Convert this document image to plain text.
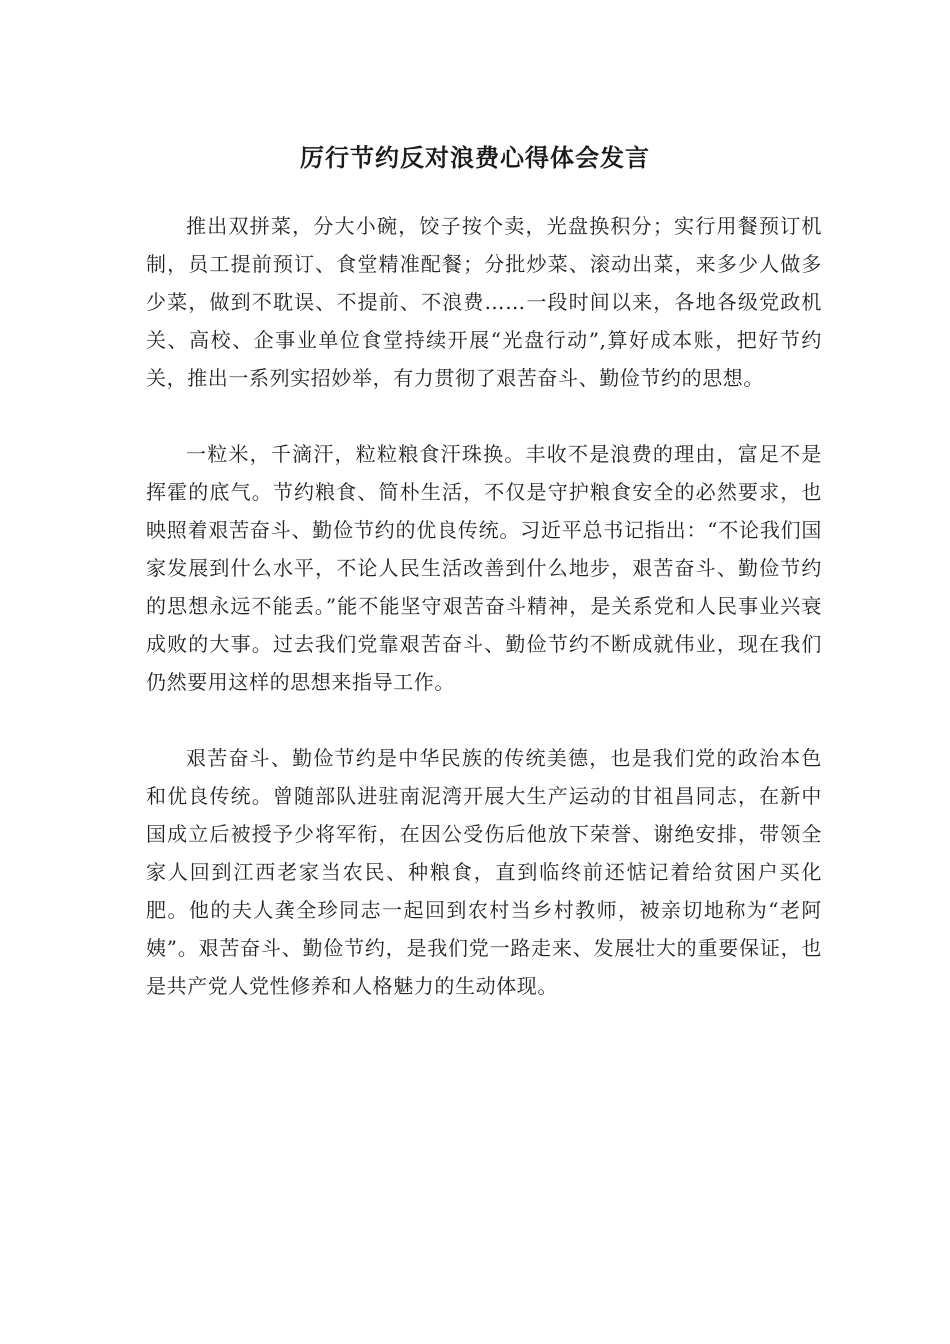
厉行节约反对浪费心得体会发言

推出双拼菜，分大小碗，饺子按个卖，光盘换积分；实行用餐预订机制，员工提前预订、食堂精准配餐；分批炒菜、滚动出菜，来多少人做多少菜，做到不耽误、不提前、不浪费……一段时间以来，各地各级党政机关、高校、企事业单位食堂持续开展“光盘行动”,算好成本账，把好节约关，推出一系列实招妙举，有力贯彻了艰苦奋斗、勤俭节约的思想。

一粒米，千滴汗，粒粒粮食汗珠换。丰收不是浪费的理由，富足不是挥霍的底气。节约粮食、简朴生活，不仅是守护粮食安全的必然要求，也映照着艰苦奋斗、勤俭节约的优良传统。习近平总书记指出：“不论我们国家发展到什么水平，不论人民生活改善到什么地步，艰苦奋斗、勤俭节约的思想永远不能丢。”能不能坚守艰苦奋斗精神，是关系党和人民事业兴衰成败的大事。过去我们党靠艰苦奋斗、勤俭节约不断成就伟业，现在我们仍然要用这样的思想来指导工作。

艰苦奋斗、勤俭节约是中华民族的传统美德，也是我们党的政治本色和优良传统。曾随部队进驻南泥湾开展大生产运动的甘祖昌同志，在新中国成立后被授予少将军衔，在因公受伤后他放下荣誉、谢绝安排，带领全家人回到江西老家当农民、种粮食，直到临终前还惦记着给贫困户买化肥。他的夫人龚全珍同志一起回到农村当乡村教师，被亲切地称为“老阿姨”。艰苦奋斗、勤俭节约，是我们党一路走来、发展壮大的重要保证，也是共产党人党性修养和人格魅力的生动体现。
